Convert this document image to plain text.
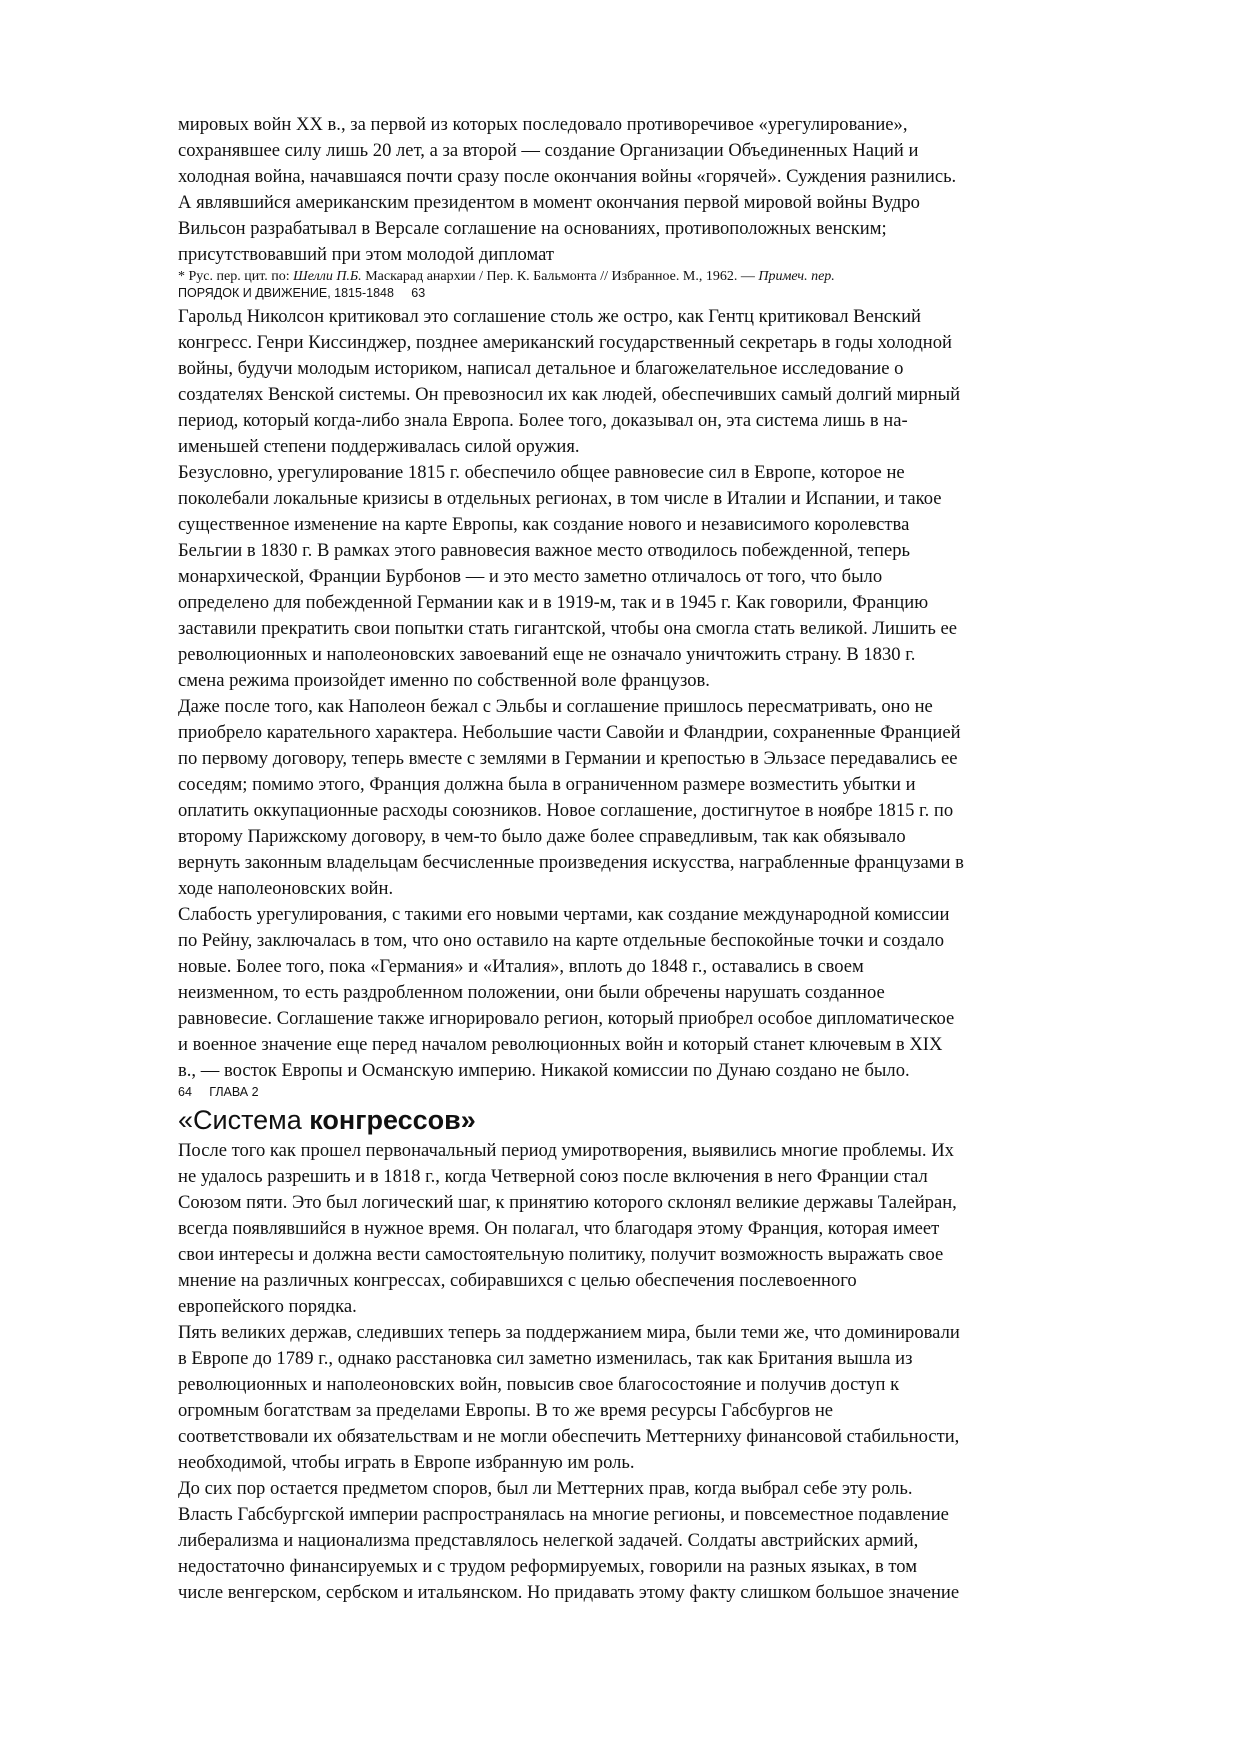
мировых войн XX в., за первой из которых последовало противоречивое «урегулирование»,
сохранявшее силу лишь 20 лет, а за второй — создание Организации Объединенных Наций и
холодная война, начавшаяся почти сразу после окончания войны «горячей». Суждения разнились.
А являвшийся американским президентом в момент окончания первой мировой войны Вудро
Вильсон разрабатывал в Версале соглашение на основаниях, противоположных венским;
присутствовавший при этом молодой дипломат

* Рус. пер. цит. по: Шелли П.Б. Маскарад анархии / Пер. К. Бальмонта // Избранное. М., 1962. — Примеч. пер.

ПОРЯДОК И ДВИЖЕНИЕ, 1815-1848     63

Гарольд Николсон критиковал это соглашение столь же остро, как Гентц критиковал Венский
конгресс. Генри Киссинджер, позднее американский государственный секретарь в годы холодной
войны, будучи молодым историком, написал детальное и благожелательное исследование о
создателях Венской системы. Он превозносил их как людей, обеспечивших самый долгий мирный
период, который когда-либо знала Европа. Более того, доказывал он, эта система лишь в на-
именьшей степени поддерживалась силой оружия.

Безусловно, урегулирование 1815 г. обеспечило общее равновесие сил в Европе, которое не
поколебали локальные кризисы в отдельных регионах, в том числе в Италии и Испании, и такое
существенное изменение на карте Европы, как создание нового и независимого королевства
Бельгии в 1830 г. В рамках этого равновесия важное место отводилось побежденной, теперь
монархической, Франции Бурбонов — и это место заметно отличалось от того, что было
определено для побежденной Германии как и в 1919-м, так и в 1945 г. Как говорили, Францию
заставили прекратить свои попытки стать гигантской, чтобы она смогла стать великой. Лишить ее
революционных и наполеоновских завоеваний еще не означало уничтожить страну. В 1830 г.
смена режима произойдет именно по собственной воле французов.

Даже после того, как Наполеон бежал с Эльбы и соглашение пришлось пересматривать, оно не
приобрело карательного характера. Небольшие части Савойи и Фландрии, сохраненные Францией
по первому договору, теперь вместе с землями в Германии и крепостью в Эльзасе передавались ее
соседям; помимо этого, Франция должна была в ограниченном размере возместить убытки и
оплатить оккупационные расходы союзников. Новое соглашение, достигнутое в ноябре 1815 г. по
второму Парижскому договору, в чем-то было даже более справедливым, так как обязывало
вернуть законным владельцам бесчисленные произведения искусства, награбленные французами в
ходе наполеоновских войн.

Слабость урегулирования, с такими его новыми чертами, как создание международной комиссии
по Рейну, заключалась в том, что оно оставило на карте отдельные беспокойные точки и создало
новые. Более того, пока «Германия» и «Италия», вплоть до 1848 г., оставались в своем
неизменном, то есть раздробленном положении, они были обречены нарушать созданное
равновесие. Соглашение также игнорировало регион, который приобрел особое дипломатическое
и военное значение еще перед началом революционных войн и который станет ключевым в XIX
в., — восток Европы и Османскую империю. Никакой комиссии по Дунаю создано не было.

64     ГЛАВА 2

«Система конгрессов»

После того как прошел первоначальный период умиротворения, выявились многие проблемы. Их
не удалось разрешить и в 1818 г., когда Четверной союз после включения в него Франции стал
Союзом пяти. Это был логический шаг, к принятию которого склонял великие державы Талейран,
всегда появлявшийся в нужное время. Он полагал, что благодаря этому Франция, которая имеет
свои интересы и должна вести самостоятельную политику, получит возможность выражать свое
мнение на различных конгрессах, собиравшихся с целью обеспечения послевоенного
европейского порядка.

Пять великих держав, следивших теперь за поддержанием мира, были теми же, что доминировали
в Европе до 1789 г., однако расстановка сил заметно изменилась, так как Британия вышла из
революционных и наполеоновских войн, повысив свое благосостояние и получив доступ к
огромным богатствам за пределами Европы. В то же время ресурсы Габсбургов не
соответствовали их обязательствам и не могли обеспечить Меттерниху финансовой стабильности,
необходимой, чтобы играть в Европе избранную им роль.

До сих пор остается предметом споров, был ли Меттерних прав, когда выбрал себе эту роль.
Власть Габсбургской империи распространялась на многие регионы, и повсеместное подавление
либерализма и национализма представлялось нелегкой задачей. Солдаты австрийских армий,
недостаточно финансируемых и с трудом реформируемых, говорили на разных языках, в том
числе венгерском, сербском и итальянском. Но придавать этому факту слишком большое значение
